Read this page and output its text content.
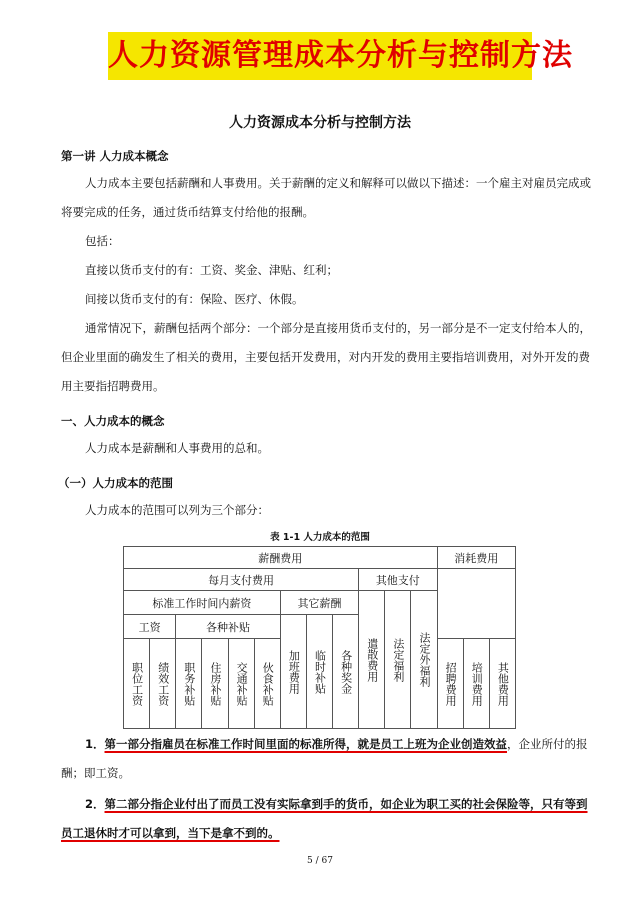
人力资源管理成本分析与控制方法
人力资源成本分析与控制方法
第一讲 人力成本概念
人力成本主要包括薪酬和人事费用。关于薪酬的定义和解释可以做以下描述：一个雇主对雇员完成或
将要完成的任务，通过货币结算支付给他的报酬。
包括：
直接以货币支付的有：工资、奖金、津贴、红利；
间接以货币支付的有：保险、医疗、休假。
通常情况下，薪酬包括两个部分：一个部分是直接用货币支付的，另一部分是不一定支付给本人的，
但企业里面的确发生了相关的费用，主要包括开发费用，对内开发的费用主要指培训费用，对外开发的费
用主要指招聘费用。
一、人力成本的概念
人力成本是薪酬和人事费用的总和。
（一）人力成本的范围
人力成本的范围可以列为三个部分：
表 1-1 人力成本的范围
薪酬费用												消耗费用		
每月支付费用									其他支付					
标准工作时间内薪资						其它薪酬			遣散费用	法定福利	法定外福利			
工资		各种补贴				加班费用	临时补贴	各种奖金						
职位工资	绩效工资	职务补贴	住房补贴	交通补贴	伙食补贴							招聘费用	培训费用	其他费用
1．第一部分指雇员在标准工作时间里面的标准所得，就是员工上班为企业创造效益，企业所付的报
酬；即工资。
2．第二部分指企业付出了而员工没有实际拿到手的货币，如企业为职工买的社会保险等，只有等到
员工退休时才可以拿到，当下是拿不到的。
5 / 67
